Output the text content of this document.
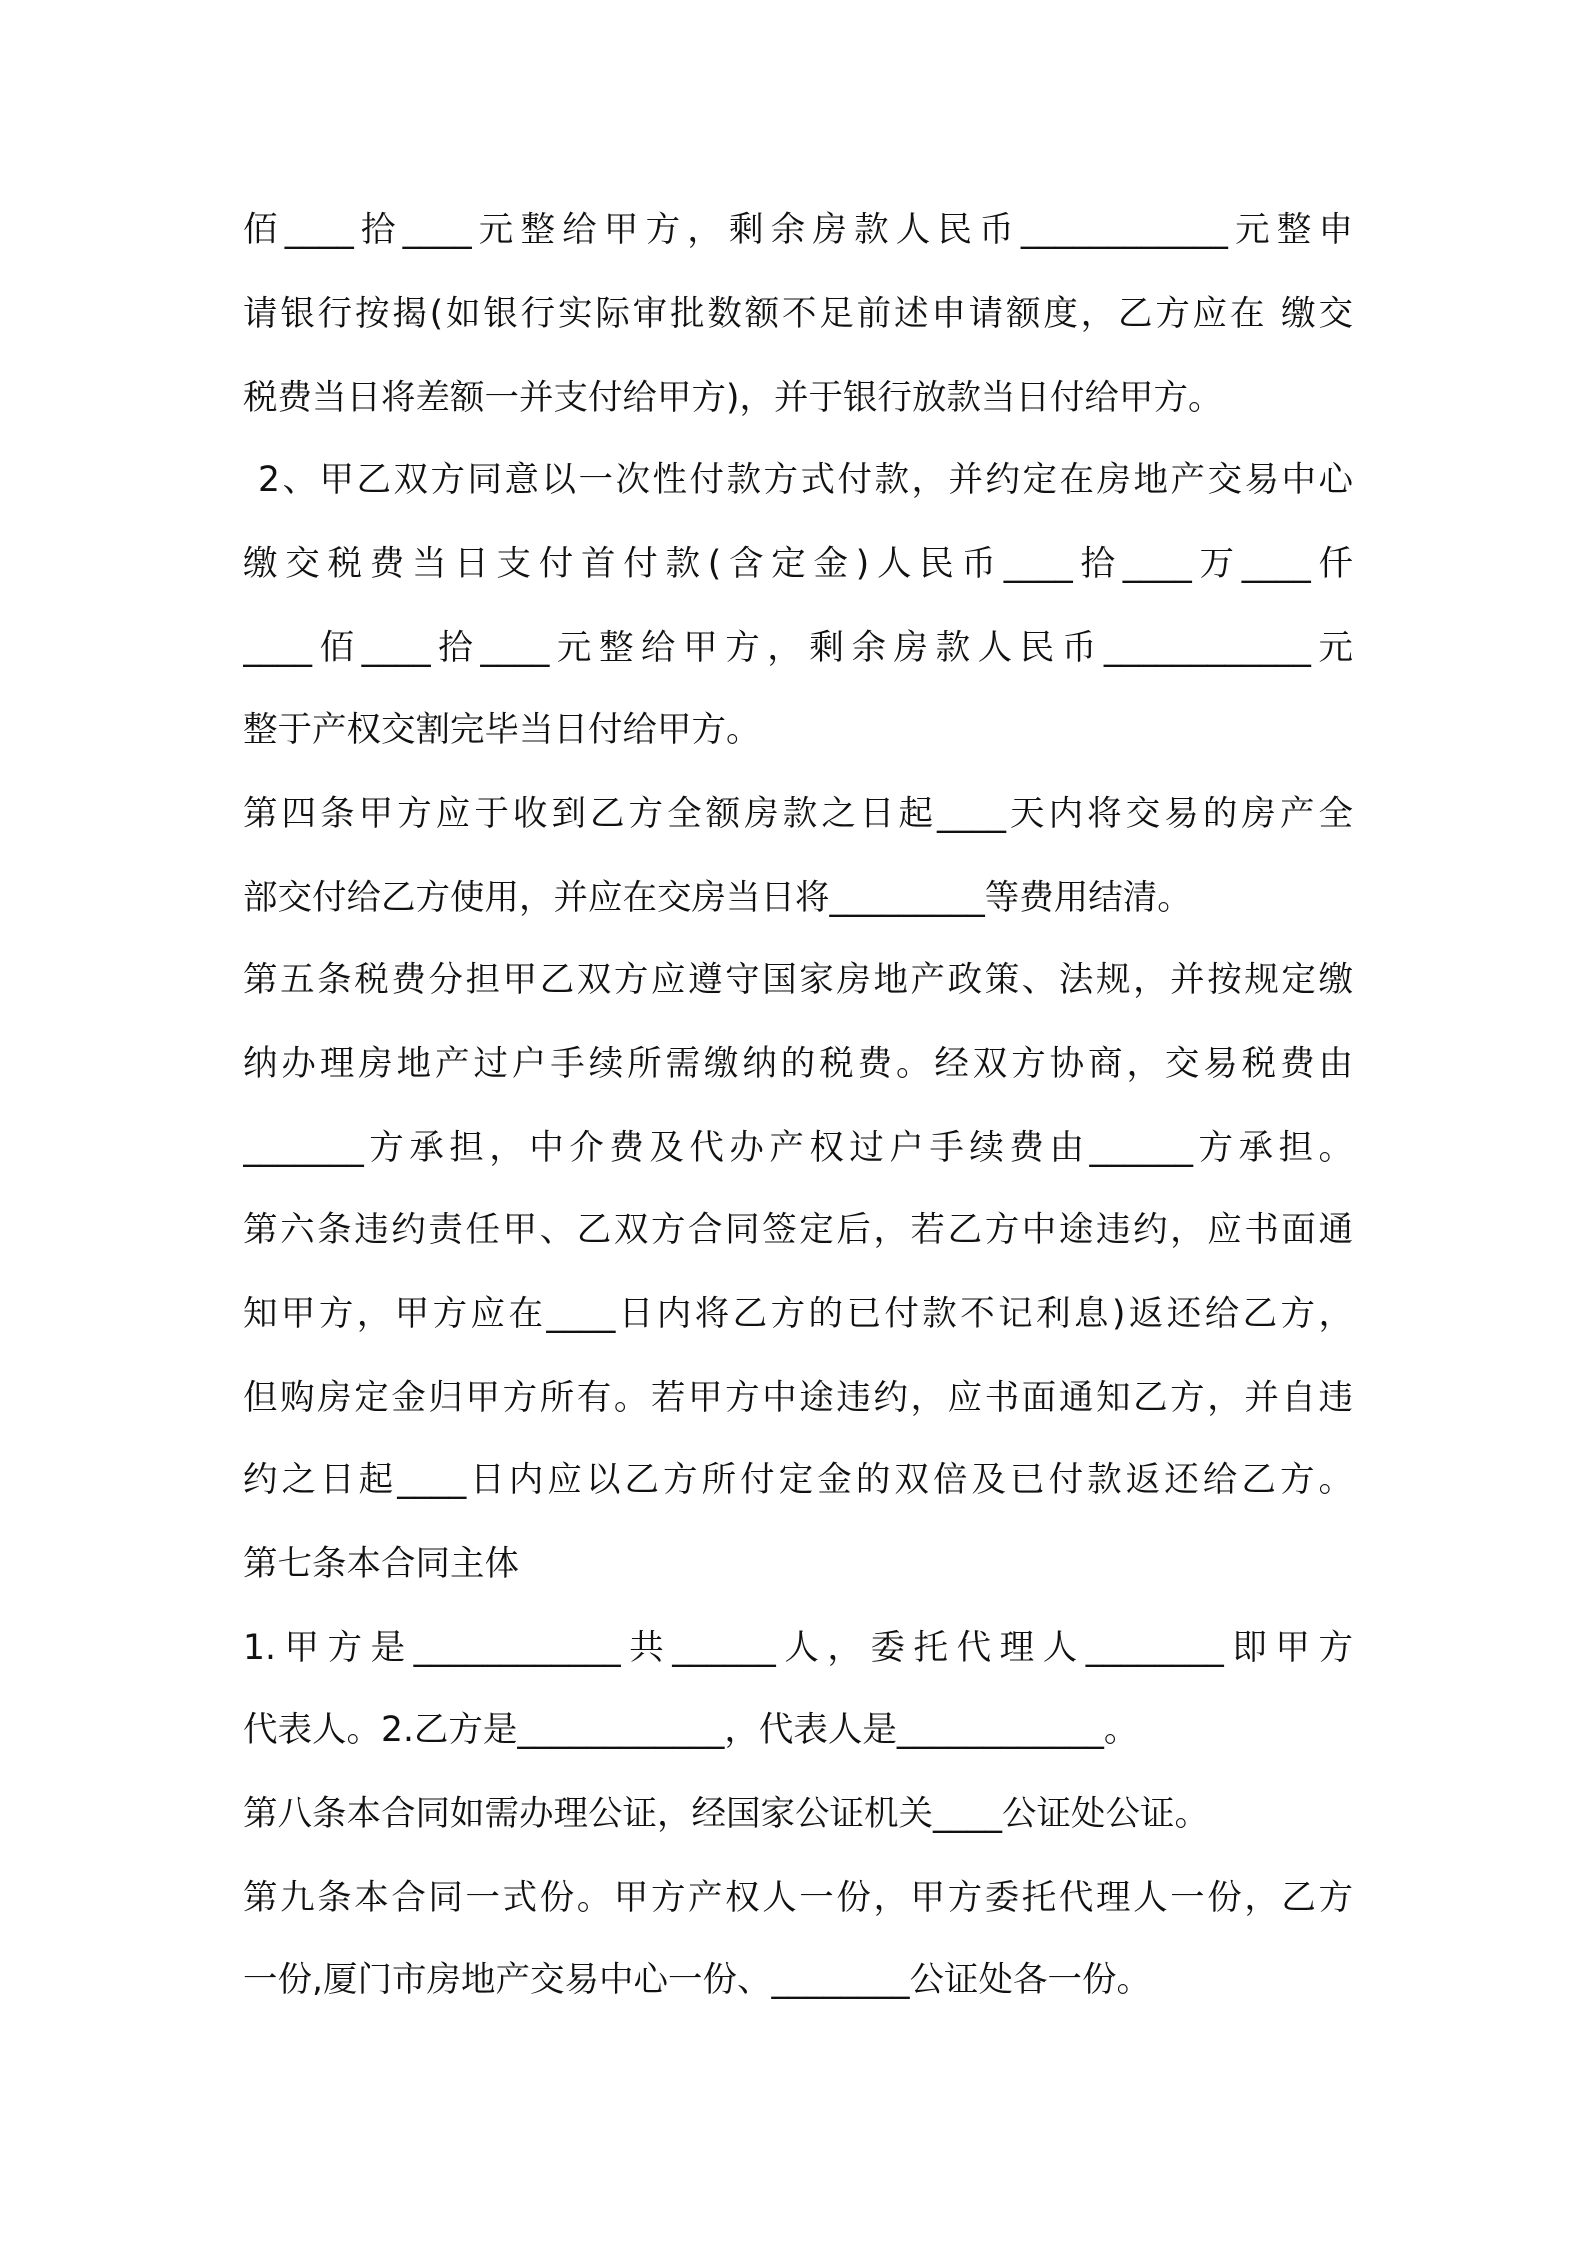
佰____拾____元整给甲方，剩余房款人民币____________元整申
请银行按揭(如银行实际审批数额不足前述申请额度，乙方应在 缴交
税费当日将差额一并支付给甲方)，并于银行放款当日付给甲方。
2、甲乙双方同意以一次性付款方式付款，并约定在房地产交易中心
缴交税费当日支付首付款(含定金)人民币____拾____万____仟
____佰____拾____元整给甲方，剩余房款人民币____________元
整于产权交割完毕当日付给甲方。
第四条甲方应于收到乙方全额房款之日起____天内将交易的房产全
部交付给乙方使用，并应在交房当日将_________等费用结清。
第五条税费分担甲乙双方应遵守国家房地产政策、法规，并按规定缴
纳办理房地产过户手续所需缴纳的税费。经双方协商，交易税费由
_______方承担，中介费及代办产权过户手续费由______方承担。
第六条违约责任甲、乙双方合同签定后，若乙方中途违约，应书面通
知甲方，甲方应在____日内将乙方的已付款不记利息)返还给乙方，
但购房定金归甲方所有。若甲方中途违约，应书面通知乙方，并自违
约之日起____日内应以乙方所付定金的双倍及已付款返还给乙方。
第七条本合同主体
1.甲方是____________共______人，委托代理人________即甲方
代表人。2.乙方是____________，代表人是____________。
第八条本合同如需办理公证，经国家公证机关____公证处公证。
第九条本合同一式份。甲方产权人一份，甲方委托代理人一份，乙方
一份,厦门市房地产交易中心一份、________公证处各一份。
